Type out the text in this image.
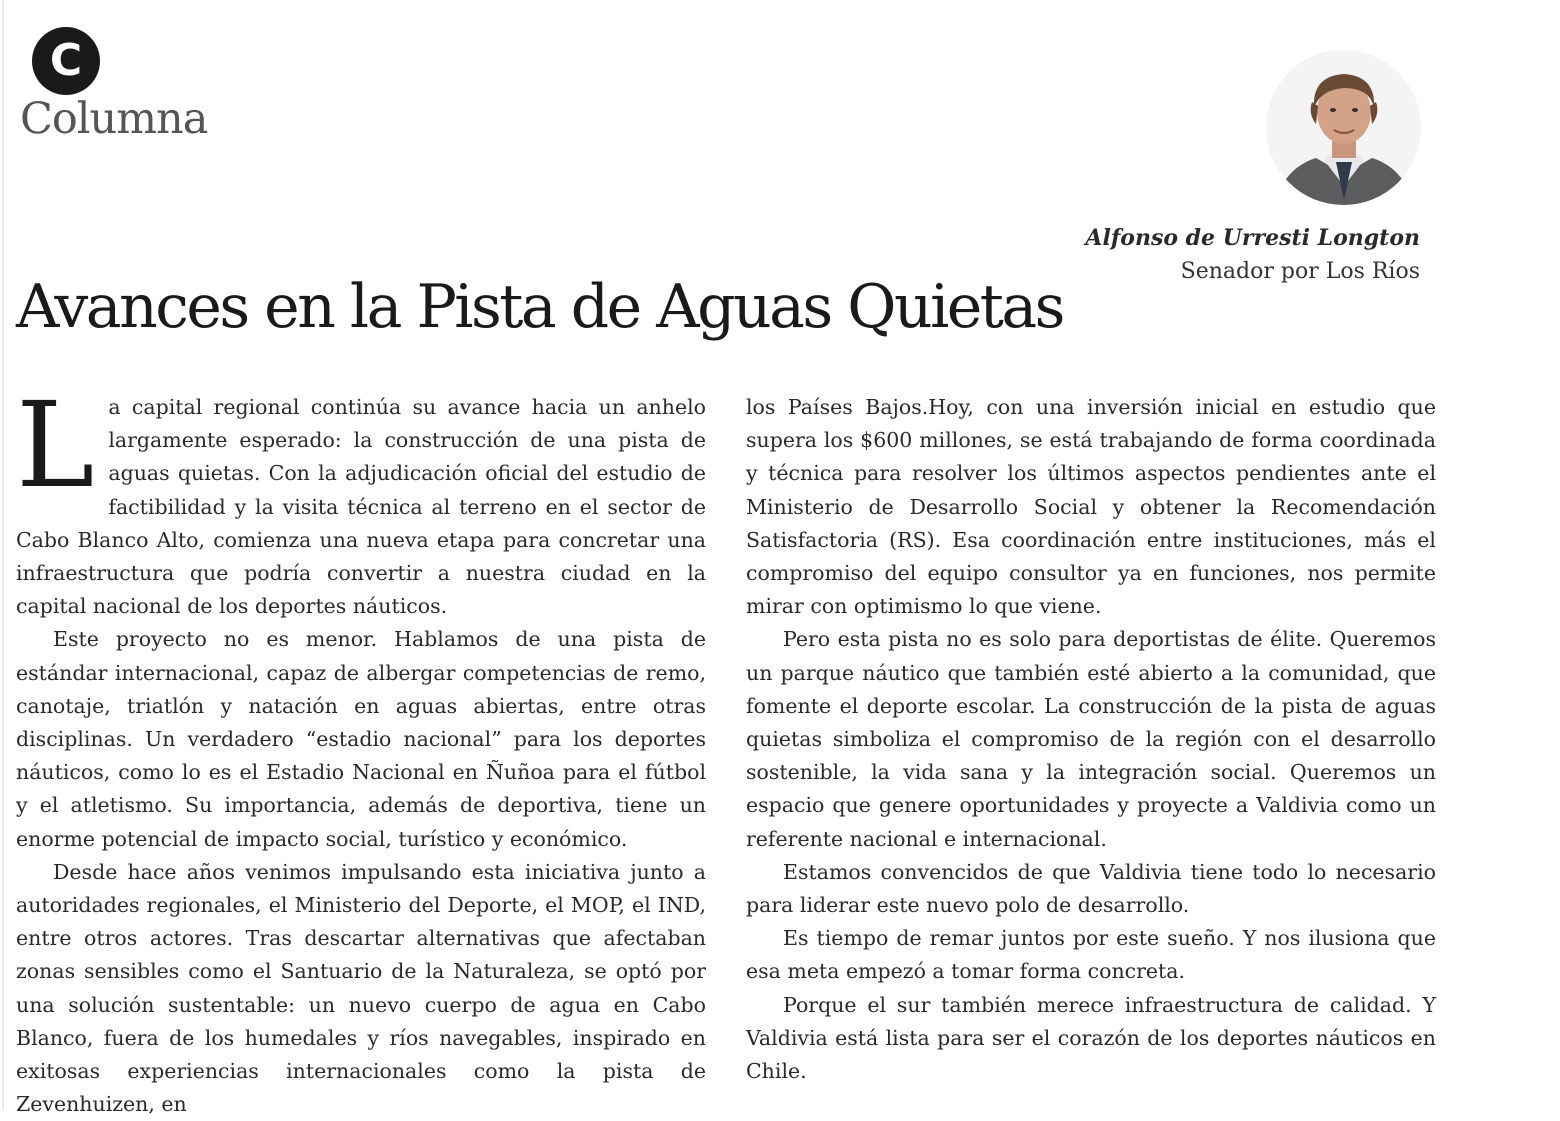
C
Columna
Alfonso de Urresti Longton
Senador por Los Ríos
Avances en la Pista de Aguas Quietas

La capital regional continúa su avance hacia un anhelo largamente esperado: la construcción de una pista de aguas quietas. Con la adjudicación oficial del estudio de factibilidad y la visita técnica al terreno en el sector de Cabo Blanco Alto, comienza una nueva etapa para concretar una infraestructura que podría convertir a nuestra ciudad en la capital nacional de los deportes náuticos.

Este proyecto no es menor. Hablamos de una pista de estándar internacional, capaz de albergar competencias de remo, canotaje, triatlón y natación en aguas abiertas, entre otras disciplinas. Un verdadero “estadio nacional” para los deportes náuticos, como lo es el Estadio Nacional en Ñuñoa para el fútbol y el atletismo. Su importancia, además de deportiva, tiene un enorme potencial de impacto social, turístico y económico.

Desde hace años venimos impulsando esta iniciativa junto a autoridades regionales, el Ministerio del Deporte, el MOP, el IND, entre otros actores. Tras descartar alternativas que afectaban zonas sensibles como el Santuario de la Naturaleza, se optó por una solución sustentable: un nuevo cuerpo de agua en Cabo Blanco, fuera de los humedales y ríos navegables, inspirado en exitosas experiencias internacionales como la pista de Zevenhuizen, en

los Países Bajos.Hoy, con una inversión inicial en estudio que supera los $600 millones, se está trabajando de forma coordinada y técnica para resolver los últimos aspectos pendientes ante el Ministerio de Desarrollo Social y obtener la Recomendación Satisfactoria (RS). Esa coordinación entre instituciones, más el compromiso del equipo consultor ya en funciones, nos permite mirar con optimismo lo que viene.

Pero esta pista no es solo para deportistas de élite. Queremos un parque náutico que también esté abierto a la comunidad, que fomente el deporte escolar. La construcción de la pista de aguas quietas simboliza el compromiso de la región con el desarrollo sostenible, la vida sana y la integración social. Queremos un espacio que genere oportunidades y proyecte a Valdivia como un referente nacional e internacional.

Estamos convencidos de que Valdivia tiene todo lo necesario para liderar este nuevo polo de desarrollo.

Es tiempo de remar juntos por este sueño. Y nos ilusiona que esa meta empezó a tomar forma concreta.

Porque el sur también merece infraestructura de calidad. Y Valdivia está lista para ser el corazón de los deportes náuticos en Chile.
